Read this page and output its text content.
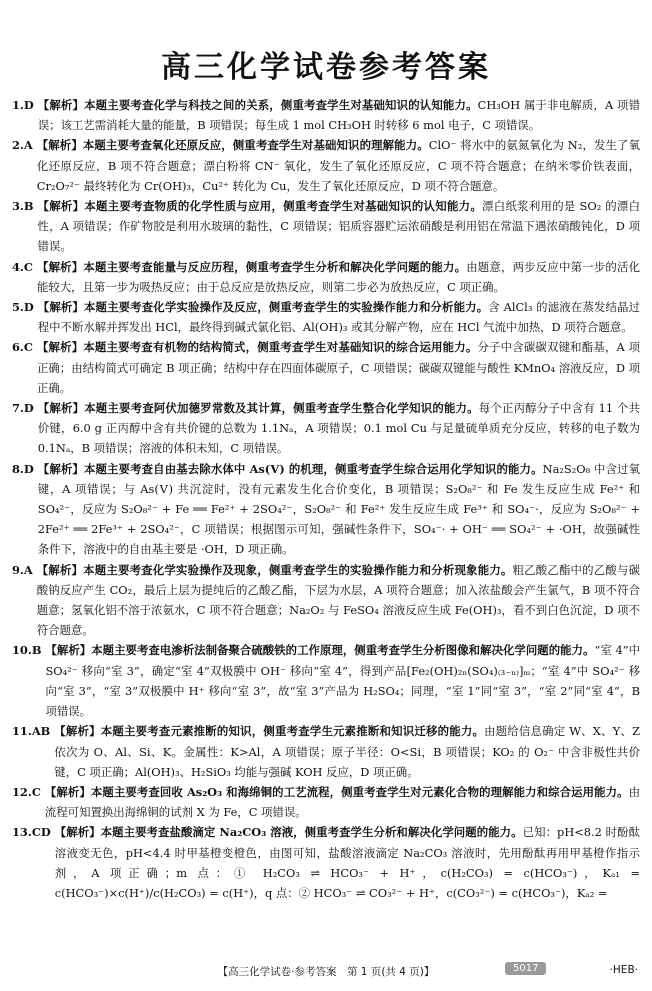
高三化学试卷参考答案
1.D 【解析】本题主要考查化学与科技之间的关系，侧重考查学生对基础知识的认知能力。CH₃OH 属于非电解质，A 项错误；该工艺需消耗大量的能量，B 项错误；每生成 1 mol CH₃OH 时转移 6 mol 电子，C 项错误。
2.A 【解析】本题主要考查氧化还原反应，侧重考查学生对基础知识的理解能力。ClO⁻ 将水中的氨氮氧化为 N₂，发生了氧化还原反应，B 项不符合题意；漂白粉将 CN⁻ 氧化，发生了氧化还原反应，C 项不符合题意；在纳米零价铁表面，Cr₂O₇²⁻ 最终转化为 Cr(OH)₃，Cu²⁺ 转化为 Cu，发生了氧化还原反应，D 项不符合题意。
3.B 【解析】本题主要考查物质的化学性质与应用，侧重考查学生对基础知识的认知能力。漂白纸浆利用的是 SO₂ 的漂白性，A 项错误；作矿物胶是利用水玻璃的黏性，C 项错误；铝质容器贮运浓硝酸是利用铝在常温下遇浓硝酸钝化，D 项错误。
4.C 【解析】本题主要考查能量与反应历程，侧重考查学生分析和解决化学问题的能力。由题意，两步反应中第一步的活化能较大，且第一步为吸热反应；由于总反应是放热反应，则第二步必为放热反应，C 项正确。
5.D 【解析】本题主要考查化学实验操作及反应，侧重考查学生的实验操作能力和分析能力。含 AlCl₃ 的滤液在蒸发结晶过程中不断水解并挥发出 HCl，最终得到碱式氯化铝、Al(OH)₃ 或其分解产物，应在 HCl 气流中加热，D 项符合题意。
6.C 【解析】本题主要考查有机物的结构简式，侧重考查学生对基础知识的综合运用能力。分子中含碳碳双键和酯基，A 项正确；由结构简式可确定 B 项正确；结构中存在四面体碳原子，C 项错误；碳碳双键能与酸性 KMnO₄ 溶液反应，D 项正确。
7.D 【解析】本题主要考查阿伏加德罗常数及其计算，侧重考查学生整合化学知识的能力。每个正丙醇分子中含有 11 个共价键，6.0 g 正丙醇中含有共价键的总数为 1.1Nₐ，A 项错误；0.1 mol Cu 与足量硫单质充分反应，转移的电子数为 0.1Nₐ，B 项错误；溶液的体积未知，C 项错误。
8.D 【解析】本题主要考查自由基去除水体中 As(Ⅴ) 的机理，侧重考查学生综合运用化学知识的能力。Na₂S₂O₈ 中含过氧键，A 项错误；与 As(Ⅴ) 共沉淀时，没有元素发生化合价变化，B 项错误；S₂O₈²⁻ 和 Fe 发生反应生成 Fe²⁺ 和 SO₄²⁻，反应为 S₂O₈²⁻ + Fe ══ Fe²⁺ + 2SO₄²⁻，S₂O₈²⁻ 和 Fe²⁺ 发生反应生成 Fe³⁺ 和 SO₄⁻·，反应为 S₂O₈²⁻ + 2Fe²⁺ ══ 2Fe³⁺ + 2SO₄²⁻，C 项错误；根据图示可知，强碱性条件下，SO₄⁻· + OH⁻ ══ SO₄²⁻ + ·OH，故强碱性条件下，溶液中的自由基主要是 ·OH，D 项正确。
9.A 【解析】本题主要考查化学实验操作及现象，侧重考查学生的实验操作能力和分析现象能力。粗乙酸乙酯中的乙酸与碳酸钠反应产生 CO₂，最后上层为提纯后的乙酸乙酯，下层为水层，A 项符合题意；加入浓盐酸会产生氯气，B 项不符合题意；氢氧化铝不溶于浓氨水，C 项不符合题意；Na₂O₂ 与 FeSO₄ 溶液反应生成 Fe(OH)₃，看不到白色沉淀，D 项不符合题意。
10.B 【解析】本题主要考查电渗析法制备聚合硫酸铁的工作原理，侧重考查学生分析图像和解决化学问题的能力。“室 4”中 SO₄²⁻ 移向“室 3”，确定“室 4”双极膜中 OH⁻ 移向“室 4”，得到产品[Fe₂(OH)₂ₙ(SO₄)₍₃₋ₙ₎]ₘ；“室 4”中 SO₄²⁻ 移向“室 3”，“室 3”双极膜中 H⁺ 移向“室 3”，故“室 3”产品为 H₂SO₄；同理，“室 1”同“室 3”，“室 2”同“室 4”，B 项错误。
11.AB 【解析】本题主要考查元素推断的知识，侧重考查学生元素推断和知识迁移的能力。由题给信息确定 W、X、Y、Z 依次为 O、Al、Si、K。金属性：K>Al，A 项错误；原子半径：O<Si，B 项错误；KO₂ 的 O₂⁻ 中含非极性共价键，C 项正确；Al(OH)₃、H₂SiO₃ 均能与强碱 KOH 反应，D 项正确。
12.C 【解析】本题主要考查回收 As₂O₃ 和海绵铜的工艺流程，侧重考查学生对元素化合物的理解能力和综合运用能力。由流程可知置换出海绵铜的试剂 X 为 Fe，C 项错误。
13.CD 【解析】本题主要考查盐酸滴定 Na₂CO₃ 溶液，侧重考查学生分析和解决化学问题的能力。已知：pH<8.2 时酚酞溶液变无色，pH<4.4 时甲基橙变橙色，由图可知，盐酸溶液滴定 Na₂CO₃ 溶液时，先用酚酞再用甲基橙作指示剂，A 项正确；m 点：① H₂CO₃ ⇌ HCO₃⁻ + H⁺，c(H₂CO₃) = c(HCO₃⁻)，Kₐ₁ = c(HCO₃⁻)×c(H⁺)/c(H₂CO₃) = c(H⁺)，q 点：② HCO₃⁻ ⇌ CO₃²⁻ + H⁺，c(CO₃²⁻) = c(HCO₃⁻)，Kₐ₂ =
【高三化学试卷·参考答案　第 1 页(共 4 页)】	5017	·HEB·
